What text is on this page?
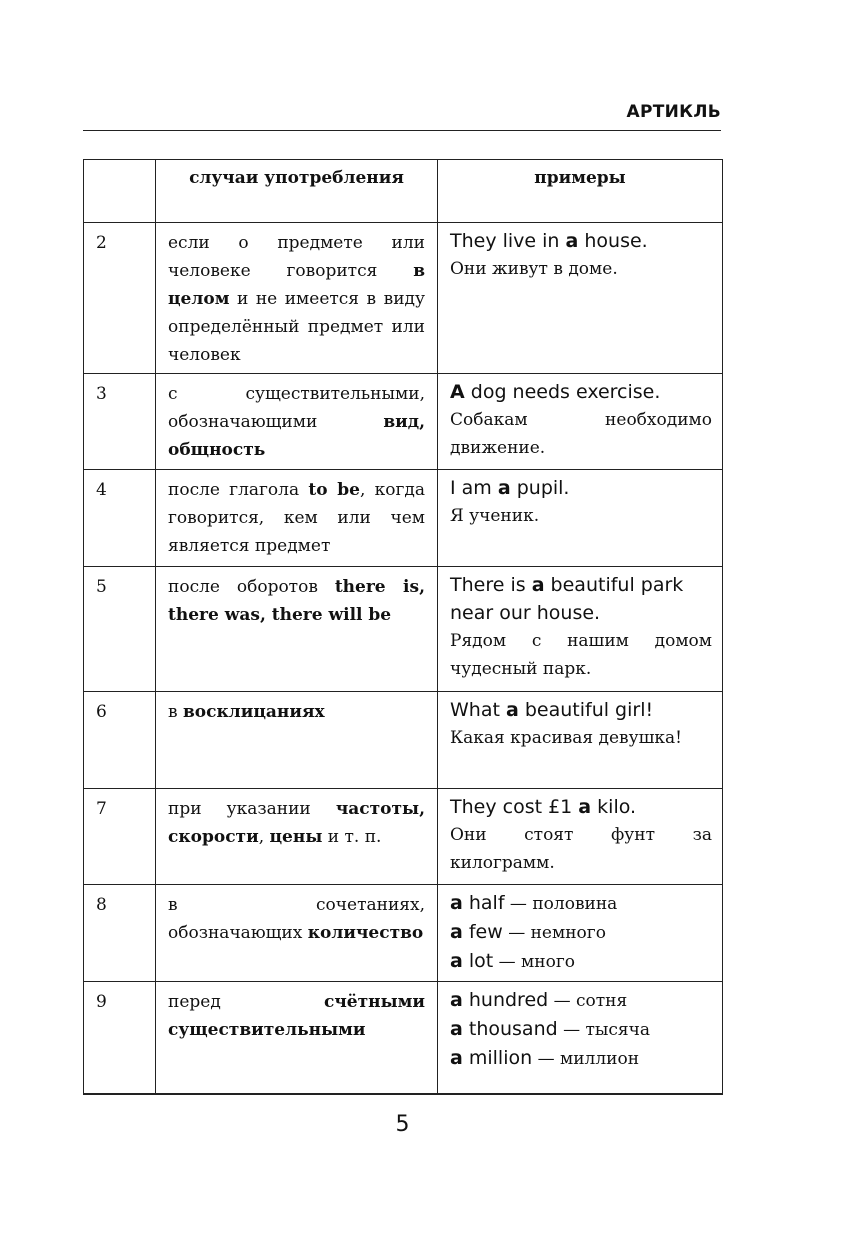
АРТИКЛЬ
	случаи употребления	примеры
2	если о предмете или человеке говорится в целом и не имеется в виду определённый предмет или человек	They live in a house.
Они живут в доме.

3	с существительными, обозначающими вид, общность	A dog needs exercise.
Собакам необходимо движение.

4	после глагола to be, когда говорится, кем или чем является предмет	I am a pupil.
Я ученик.

5	после оборотов there is, there was, there will be	There is a beautiful park near our house.
Рядом с нашим домом чудесный парк.

6	в восклицаниях	What a beautiful girl!
Какая красивая девушка!

7	при указании частоты, скорости, цены и т. п.	They cost £1 a kilo.
Они стоят фунт за килограмм.

8	в сочетаниях, обозначающих количество	a half — половина
a few — немного
a lot — много

9	перед счётными существительными	a hundred — сотня
a thousand — тысяча
a million — миллион
5
